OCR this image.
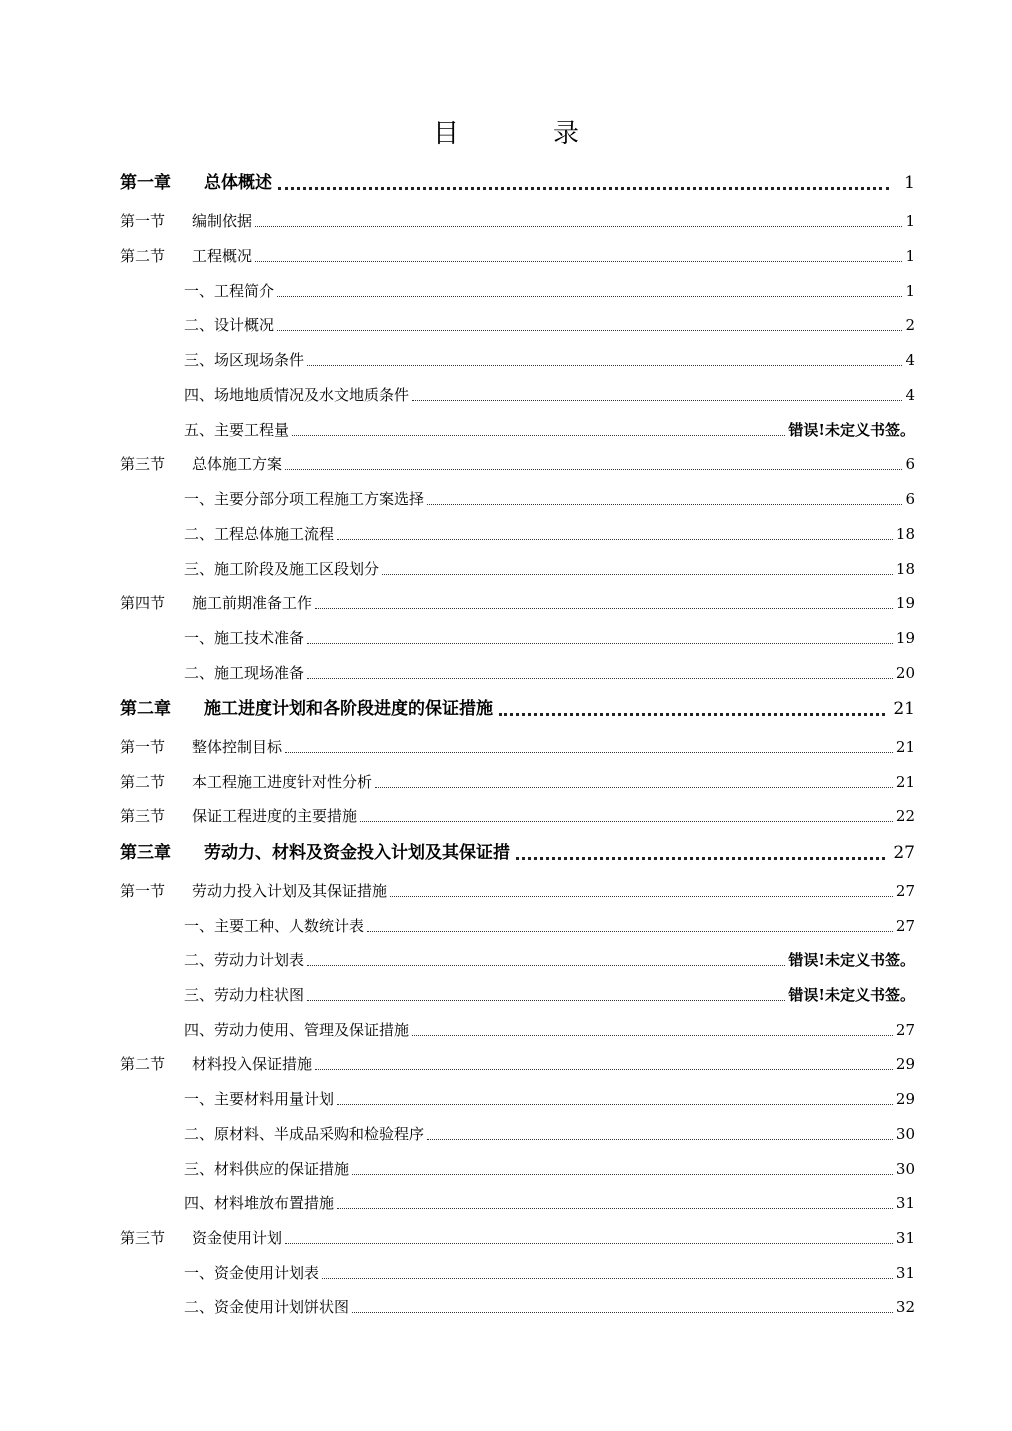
目　录
第一章 总体概述	1
第一节 编制依据	1
第二节 工程概况	1
一、工程简介	1
二、设计概况	2
三、场区现场条件	4
四、场地地质情况及水文地质条件	4
五、主要工程量	错误!未定义书签。
第三节 总体施工方案	6
一、主要分部分项工程施工方案选择	6
二、工程总体施工流程	18
三、施工阶段及施工区段划分	18
第四节 施工前期准备工作	19
一、施工技术准备	19
二、施工现场准备	20
第二章 施工进度计划和各阶段进度的保证措施	21
第一节 整体控制目标	21
第二节 本工程施工进度针对性分析	21
第三节 保证工程进度的主要措施	22
第三章 劳动力、材料及资金投入计划及其保证措	27
第一节 劳动力投入计划及其保证措施	27
一、主要工种、人数统计表	27
二、劳动力计划表	错误!未定义书签。
三、劳动力柱状图	错误!未定义书签。
四、劳动力使用、管理及保证措施	27
第二节 材料投入保证措施	29
一、主要材料用量计划	29
二、原材料、半成品采购和检验程序	30
三、材料供应的保证措施	30
四、材料堆放布置措施	31
第三节 资金使用计划	31
一、资金使用计划表	31
二、资金使用计划饼状图	32
